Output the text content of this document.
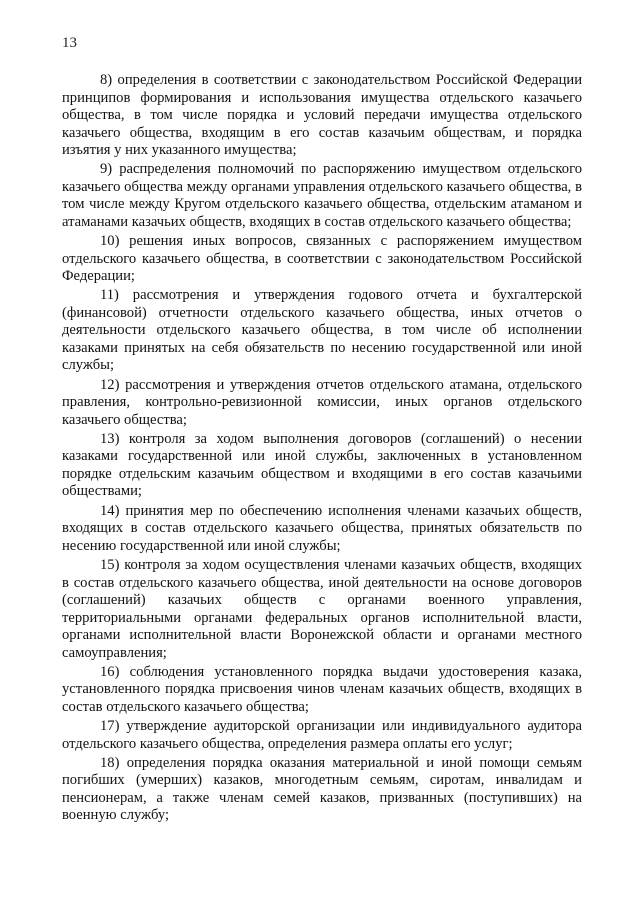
13

8) определения в соответствии с законодательством Российской Федерации принципов формирования и использования имущества отдельского казачьего общества, в том числе порядка и условий передачи имущества отдельского казачьего общества, входящим в его состав казачьим обществам, и порядка изъятия у них указанного имущества;

9) распределения полномочий по распоряжению имуществом отдельского казачьего общества между органами управления отдельского казачьего общества, в том числе между Кругом отдельского казачьего общества, отдельским атаманом и атаманами казачьих обществ, входящих в состав отдельского казачьего общества;

10) решения иных вопросов, связанных с распоряжением имуществом отдельского казачьего общества, в соответствии с законодательством Российской Федерации;

11) рассмотрения и утверждения годового отчета и бухгалтерской (финансовой) отчетности отдельского казачьего общества, иных отчетов о деятельности отдельского казачьего общества, в том числе об исполнении казаками принятых на себя обязательств по несению государственной или иной службы;

12) рассмотрения и утверждения отчетов отдельского атамана, отдельского правления, контрольно-ревизионной комиссии, иных органов отдельского казачьего общества;

13) контроля за ходом выполнения договоров (соглашений) о несении казаками государственной или иной службы, заключенных в установленном порядке отдельским казачьим обществом и входящими в его состав казачьими обществами;

14) принятия мер по обеспечению исполнения членами казачьих обществ, входящих в состав отдельского казачьего общества, принятых обязательств по несению государственной или иной службы;

15) контроля за ходом осуществления членами казачьих обществ, входящих в состав отдельского казачьего общества, иной деятельности на основе договоров (соглашений) казачьих обществ с органами военного управления, территориальными органами федеральных органов исполнительной власти, органами исполнительной власти Воронежской области и органами местного самоуправления;

16) соблюдения установленного порядка выдачи удостоверения казака, установленного порядка присвоения чинов членам казачьих обществ, входящих в состав отдельского казачьего общества;

17) утверждение аудиторской организации или индивидуального аудитора отдельского казачьего общества, определения размера оплаты его услуг;

18) определения порядка оказания материальной и иной помощи семьям погибших (умерших) казаков, многодетным семьям, сиротам, инвалидам и пенсионерам, а также членам семей казаков, призванных (поступивших) на военную службу;
